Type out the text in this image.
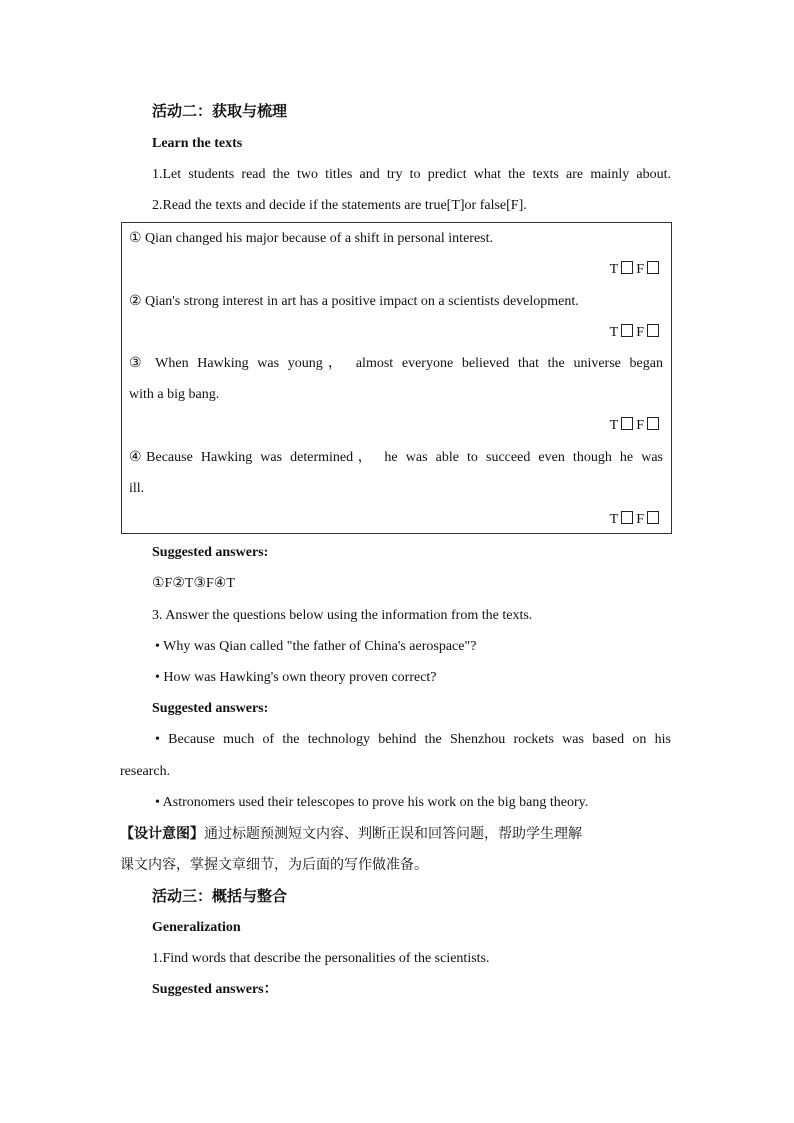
活动二：获取与梳理
Learn the texts
1.Let students read the two titles and try to predict what the texts are mainly about.
2.Read the texts and decide if the statements are true[T]or false[F].
① Qian changed his major because of a shift in personal interest.
T F
② Qian's strong interest in art has a positive impact on a scientists development.
T F
③ When Hawking was young， almost everyone believed that the universe began
with a big bang.
T F
④Because Hawking was determined， he was able to succeed even though he was
ill.
T F
Suggested answers:
①F②T③F④T
3. Answer the questions below using the information from the texts.
• Why was Qian called "the father of China's aerospace"?
• How was Hawking's own theory proven correct?
Suggested answers:
• Because much of the technology behind the Shenzhou rockets was based on his
research.
• Astronomers used their telescopes to prove his work on the big bang theory.
【设计意图】通过标题预测短文内容、判断正误和回答问题，帮助学生理解
课文内容，掌握文章细节，为后面的写作做准备。
活动三：概括与整合
Generalization
1.Find words that describe the personalities of the scientists.
Suggested answers：
